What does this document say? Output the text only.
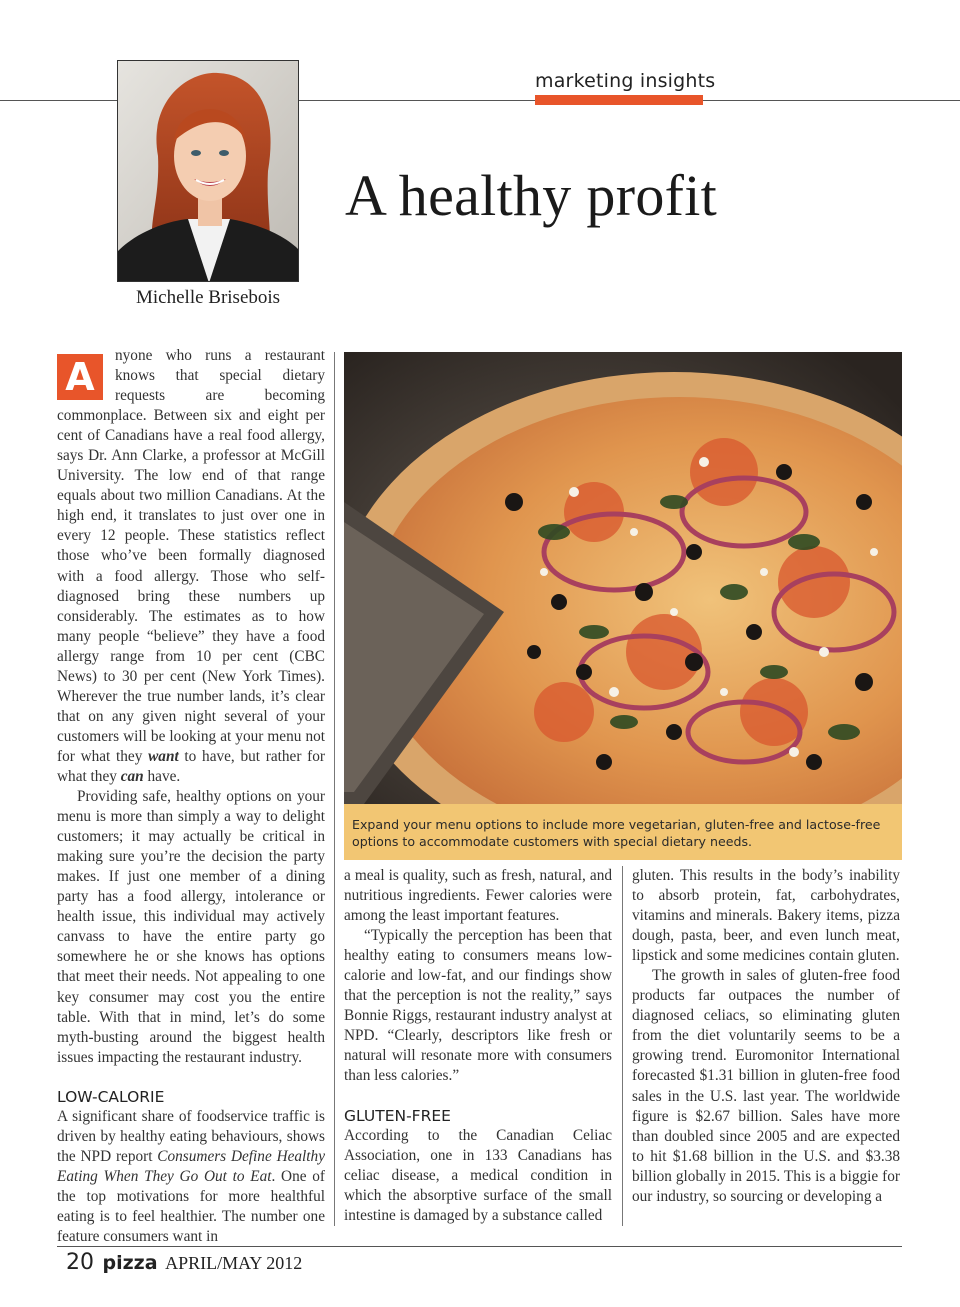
marketing insights
Michelle Brisebois
A healthy profit

A	nyone who runs a restaurant knows that special dietary requests are becoming commonplace. Between six and eight per cent of Canadians have a real food allergy, says Dr. Ann Clarke, a professor at McGill University. The low end of that range equals about two million Canadians. At the high end, it translates to just over one in every 12 people. These statistics reflect those who’ve been formally diagnosed with a food allergy. Those who self-diagnosed bring these numbers up considerably. The estimates as to how many people “believe” they have a food allergy range from 10 per cent (CBC News) to 30 per cent (New York Times). Wherever the true number lands, it’s clear that on any given night several of your customers will be looking at your menu not for what they want to have, but rather for what they can have.

Providing safe, healthy options on your menu is more than simply a way to delight customers; it may actually be critical in making sure you’re the decision the party makes. If just one member of a dining party has a food allergy, intolerance or health issue, this individual may actively canvass to have the entire party go somewhere he or she knows has options that meet their needs. Not appealing to one key consumer may cost you the entire table. With that in mind, let’s do some myth-busting around the biggest health issues impacting the restaurant industry.

LOW-CALORIE

A significant share of foodservice traffic is driven by healthy eating behaviours, shows the NPD report Consumers Define Healthy Eating When They Go Out to Eat. One of the top motivations for more healthful eating is to feel healthier. The number one feature consumers want in

Expand your menu options to include more vegetarian, gluten-free and lactose-free options to accommodate customers with special dietary needs.

a meal is quality, such as fresh, natural, and nutritious ingredients. Fewer calories were among the least important features.

“Typically the perception has been that healthy eating to consumers means low-calorie and low-fat, and our findings show that the perception is not the reality,” says Bonnie Riggs, restaurant industry analyst at NPD. “Clearly, descriptors like fresh or natural will resonate more with consumers than less calories.”

GLUTEN-FREE

According to the Canadian Celiac Association, one in 133 Canadians has celiac disease, a medical condition in which the absorptive surface of the small intestine is damaged by a substance called

gluten. This results in the body’s inability to absorb protein, fat, carbohydrates, vitamins and minerals. Bakery items, pizza dough, pasta, beer, and even lunch meat, lipstick and some medicines contain gluten.

The growth in sales of gluten-free food products far outpaces the number of diagnosed celiacs, so eliminating gluten from the diet voluntarily seems to be a growing trend. Euromonitor International forecasted $1.31 billion in gluten-free food sales in the U.S. last year. The worldwide figure is $2.67 billion. Sales have more than doubled since 2005 and are expected to hit $1.68 billion in the U.S. and $3.38 billion globally in 2015. This is a biggie for our industry, so sourcing or developing a

20 pizza APRIL/MAY 2012
